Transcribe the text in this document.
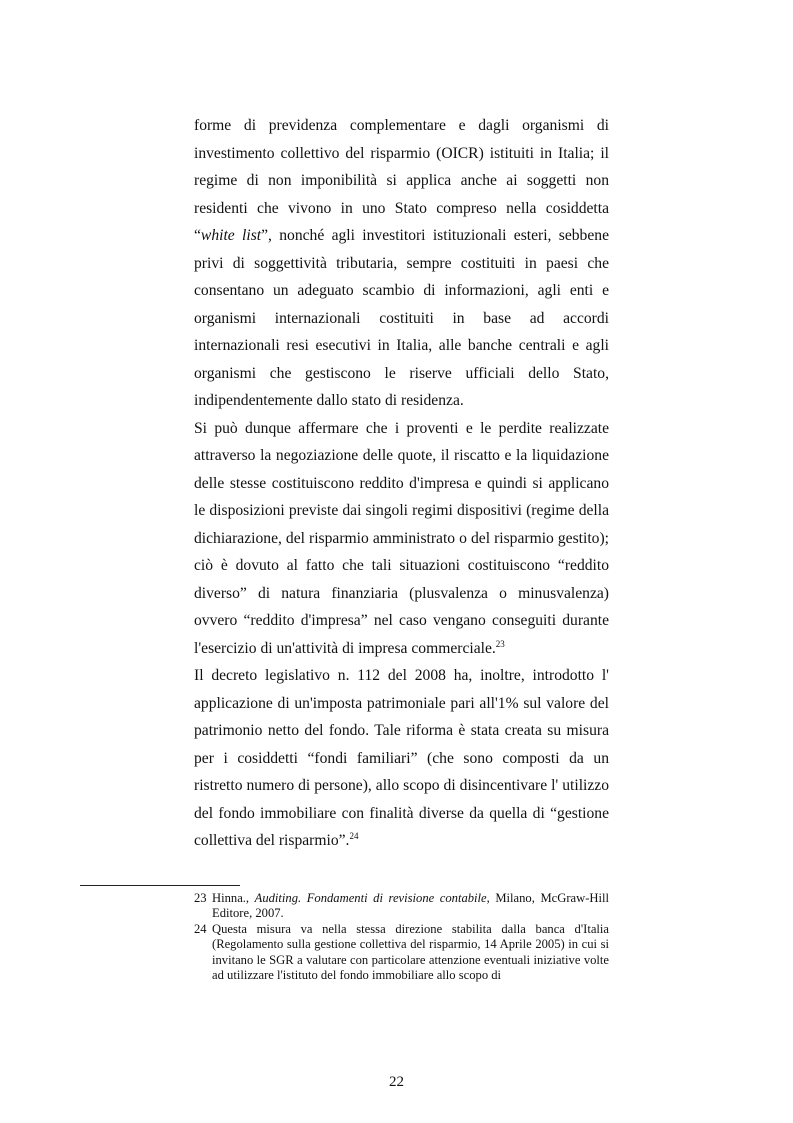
forme di previdenza complementare e dagli organismi di investimento collettivo del risparmio (OICR) istituiti in Italia; il regime di non imponibilità si applica anche ai soggetti non residenti che vivono in uno Stato compreso nella cosiddetta “white list”, nonché agli investitori istituzionali esteri, sebbene privi di soggettività tributaria, sempre costituiti in paesi che consentano un adeguato scambio di informazioni, agli enti e organismi internazionali costituiti in base ad accordi internazionali resi esecutivi in Italia, alle banche centrali e agli organismi che gestiscono le riserve ufficiali dello Stato, indipendentemente dallo stato di residenza.

Si può dunque affermare che i proventi e le perdite realizzate attraverso la negoziazione delle quote, il riscatto e la liquidazione delle stesse costituiscono reddito d'impresa e quindi si applicano le disposizioni previste dai singoli regimi dispositivi (regime della dichiarazione, del risparmio amministrato o del risparmio gestito); ciò è dovuto al fatto che tali situazioni costituiscono “reddito diverso” di natura finanziaria (plusvalenza o minusvalenza) ovvero “reddito d'impresa” nel caso vengano conseguiti durante l'esercizio di un'attività di impresa commerciale.$^{23}$

Il decreto legislativo n. 112 del 2008 ha, inoltre, introdotto l' applicazione di un'imposta patrimoniale pari all'1% sul valore del patrimonio netto del fondo. Tale riforma è stata creata su misura per i cosiddetti “fondi familiari” (che sono composti da un ristretto numero di persone), allo scopo di disincentivare l' utilizzo del fondo immobiliare con finalità diverse da quella di “gestione collettiva del risparmio”.$^{24}$

23 Hinna., Auditing. Fondamenti di revisione contabile, Milano, McGraw-Hill Editore, 2007.
24 Questa misura va nella stessa direzione stabilita dalla banca d'Italia (Regolamento sulla gestione collettiva del risparmio, 14 Aprile 2005) in cui si invitano le SGR a valutare con particolare attenzione eventuali iniziative volte ad utilizzare l'istituto del fondo immobiliare allo scopo di
22
